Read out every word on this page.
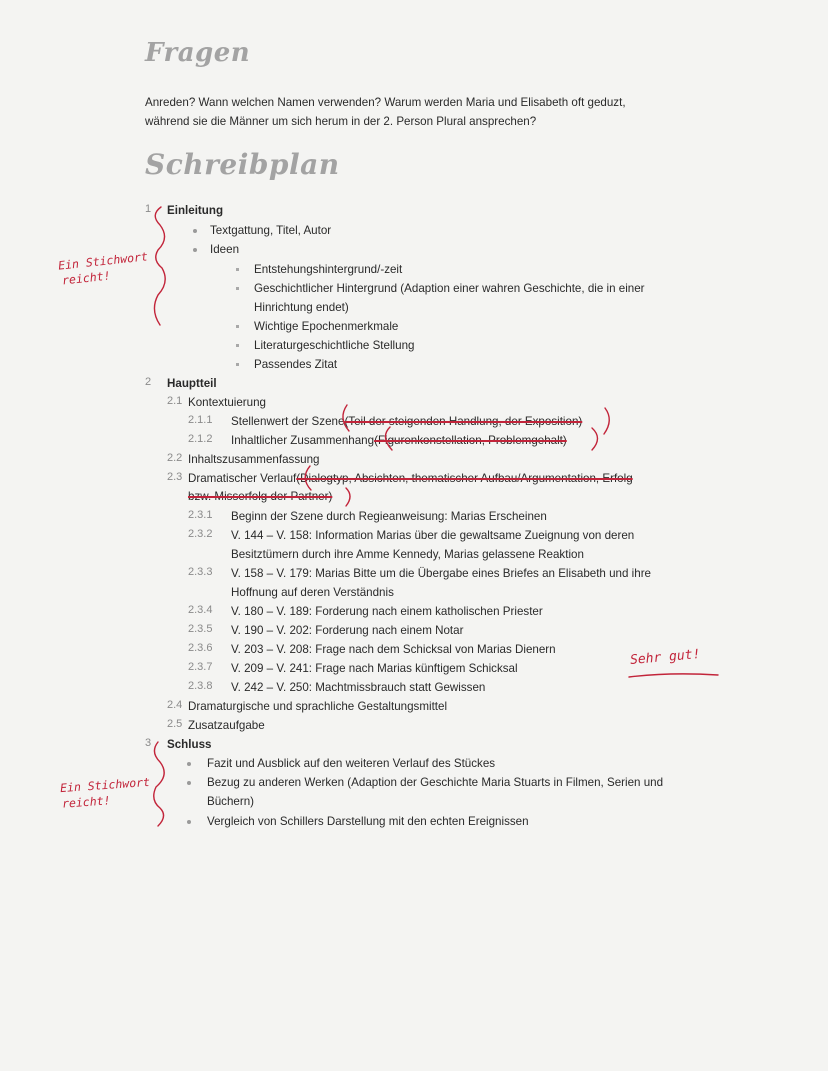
Fragen
Anreden? Wann welchen Namen verwenden? Warum werden Maria und Elisabeth oft geduzt,
während sie die Männer um sich herum in der 2. Person Plural ansprechen?
Schreibplan
1 Einleitung
Textgattung, Titel, Autor
Ideen
Entstehungshintergrund/-zeit
Geschichtlicher Hintergrund (Adaption einer wahren Geschichte, die in einer
Hinrichtung endet)
Wichtige Epochenmerkmale
Literaturgeschichtliche Stellung
Passendes Zitat
2 Hauptteil
2.1 Kontextuierung
2.1.1 Stellenwert der Szene(Teil der steigenden Handlung, der Exposition)
2.1.2 Inhaltlicher Zusammenhang(Figurenkonstellation, Problemgehalt)
2.2 Inhaltszusammenfassung
2.3 Dramatischer Verlauf(Dialogtyp, Absichten, thematischer Aufbau/Argumentation, Erfolg
bzw. Misserfolg der Partner)
2.3.1 Beginn der Szene durch Regieanweisung: Marias Erscheinen
2.3.2 V. 144 – V. 158: Information Marias über die gewaltsame Zueignung von deren
Besitztümern durch ihre Amme Kennedy, Marias gelassene Reaktion
2.3.3 V. 158 – V. 179: Marias Bitte um die Übergabe eines Briefes an Elisabeth und ihre
Hoffnung auf deren Verständnis
2.3.4 V. 180 – V. 189: Forderung nach einem katholischen Priester
2.3.5 V. 190 – V. 202: Forderung nach einem Notar
2.3.6 V. 203 – V. 208: Frage nach dem Schicksal von Marias Dienern
2.3.7 V. 209 – V. 241: Frage nach Marias künftigem Schicksal
2.3.8 V. 242 – V. 250: Machtmissbrauch statt Gewissen
2.4 Dramaturgische und sprachliche Gestaltungsmittel
2.5 Zusatzaufgabe
3 Schluss
Fazit und Ausblick auf den weiteren Verlauf des Stückes
Bezug zu anderen Werken (Adaption der Geschichte Maria Stuarts in Filmen, Serien und
Büchern)
Vergleich von Schillers Darstellung mit den echten Ereignissen
Ein Stichwort
reicht!
Ein Stichwort
reicht!
Sehr gut!
